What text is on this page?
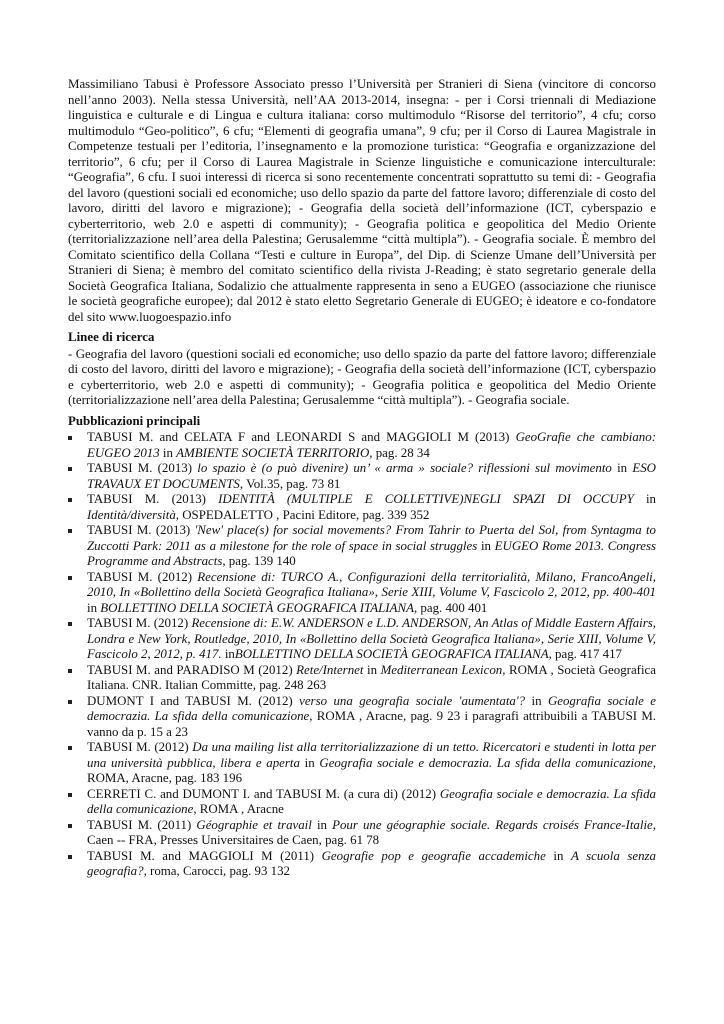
Massimiliano Tabusi è Professore Associato presso l’Università per Stranieri di Siena (vincitore di concorso nell’anno 2003). Nella stessa Università, nell’AA 2013-2014, insegna: - per i Corsi triennali di Mediazione linguistica e culturale e di Lingua e cultura italiana: corso multimodulo “Risorse del territorio”, 4 cfu; corso multimodulo “Geo-politico”, 6 cfu; “Elementi di geografia umana”, 9 cfu; per il Corso di Laurea Magistrale in Competenze testuali per l’editoria, l’insegnamento e la promozione turistica: “Geografia e organizzazione del territorio”, 6 cfu; per il Corso di Laurea Magistrale in Scienze linguistiche e comunicazione interculturale: “Geografia”, 6 cfu. I suoi interessi di ricerca si sono recentemente concentrati soprattutto su temi di: - Geografia del lavoro (questioni sociali ed economiche; uso dello spazio da parte del fattore lavoro; differenziale di costo del lavoro, diritti del lavoro e migrazione); - Geografia della società dell’informazione (ICT, cyberspazio e cyberterritorio, web 2.0 e aspetti di community); - Geografia politica e geopolitica del Medio Oriente (territorializzazione nell’area della Palestina; Gerusalemme “città multipla”). - Geografia sociale. È membro del Comitato scientifico della Collana “Testi e culture in Europa”, del Dip. di Scienze Umane dell’Università per Stranieri di Siena; è membro del comitato scientifico della rivista J-Reading; è stato segretario generale della Società Geografica Italiana, Sodalizio che attualmente rappresenta in seno a EUGEO (associazione che riunisce le società geografiche europee); dal 2012 è stato eletto Segretario Generale di EUGEO; è ideatore e co-fondatore del sito www.luogoespazio.info

Linee di ricerca

- Geografia del lavoro (questioni sociali ed economiche; uso dello spazio da parte del fattore lavoro; differenziale di costo del lavoro, diritti del lavoro e migrazione); - Geografia della società dell’informazione (ICT, cyberspazio e cyberterritorio, web 2.0 e aspetti di community); - Geografia politica e geopolitica del Medio Oriente (territorializzazione nell’area della Palestina; Gerusalemme “città multipla”). - Geografia sociale.

Pubblicazioni principali
TABUSI M. and CELATA F and LEONARDI S and MAGGIOLI M (2013) GeoGrafie che cambiano: EUGEO 2013 in AMBIENTE SOCIETÀ TERRITORIO, pag. 28 34
TABUSI M. (2013) lo spazio è (o può divenire) un’ « arma » sociale? riflessioni sul movimento in ESO TRAVAUX ET DOCUMENTS, Vol.35, pag. 73 81
TABUSI M. (2013) IDENTITÀ (MULTIPLE E COLLETTIVE)NEGLI SPAZI DI OCCUPY in Identità/diversità, OSPEDALETTO , Pacini Editore, pag. 339 352
TABUSI M. (2013) 'New' place(s) for social movements? From Tahrir to Puerta del Sol, from Syntagma to Zuccotti Park: 2011 as a milestone for the role of space in social struggles in EUGEO Rome 2013. Congress Programme and Abstracts, pag. 139 140
TABUSI M. (2012) Recensione di: TURCO A., Configurazioni della territorialità, Milano, FrancoAngeli, 2010, In «Bollettino della Società Geografica Italiana», Serie XIII, Volume V, Fascicolo 2, 2012, pp. 400-401 in BOLLETTINO DELLA SOCIETÀ GEOGRAFICA ITALIANA, pag. 400 401
TABUSI M. (2012) Recensione di: E.W. ANDERSON e L.D. ANDERSON, An Atlas of Middle Eastern Affairs, Londra e New York, Routledge, 2010, In «Bollettino della Società Geografica Italiana», Serie XIII, Volume V, Fascicolo 2, 2012, p. 417. inBOLLETTINO DELLA SOCIETÀ GEOGRAFICA ITALIANA, pag. 417 417
TABUSI M. and PARADISO M (2012) Rete/Internet in Mediterranean Lexicon, ROMA , Società Geografica Italiana. CNR. Italian Committe, pag. 248 263
DUMONT I and TABUSI M. (2012) verso una geografia sociale 'aumentata'? in Geografia sociale e democrazia. La sfida della comunicazione, ROMA , Aracne, pag. 9 23 i paragrafi attribuibili a TABUSI M. vanno da p. 15 a 23
TABUSI M. (2012) Da una mailing list alla territorializzazione di un tetto. Ricercatori e studenti in lotta per una università pubblica, libera e aperta in Geografia sociale e democrazia. La sfida della comunicazione, ROMA, Aracne, pag. 183 196
CERRETI C. and DUMONT I. and TABUSI M. (a cura di) (2012) Geografia sociale e democrazia. La sfida della comunicazione, ROMA , Aracne
TABUSI M. (2011) Géographie et travail in Pour une géographie sociale. Regards croisés France-Italie, Caen -- FRA, Presses Universitaires de Caen, pag. 61 78
TABUSI M. and MAGGIOLI M (2011) Geografie pop e geografie accademiche in A scuola senza geografia?, roma, Carocci, pag. 93 132
